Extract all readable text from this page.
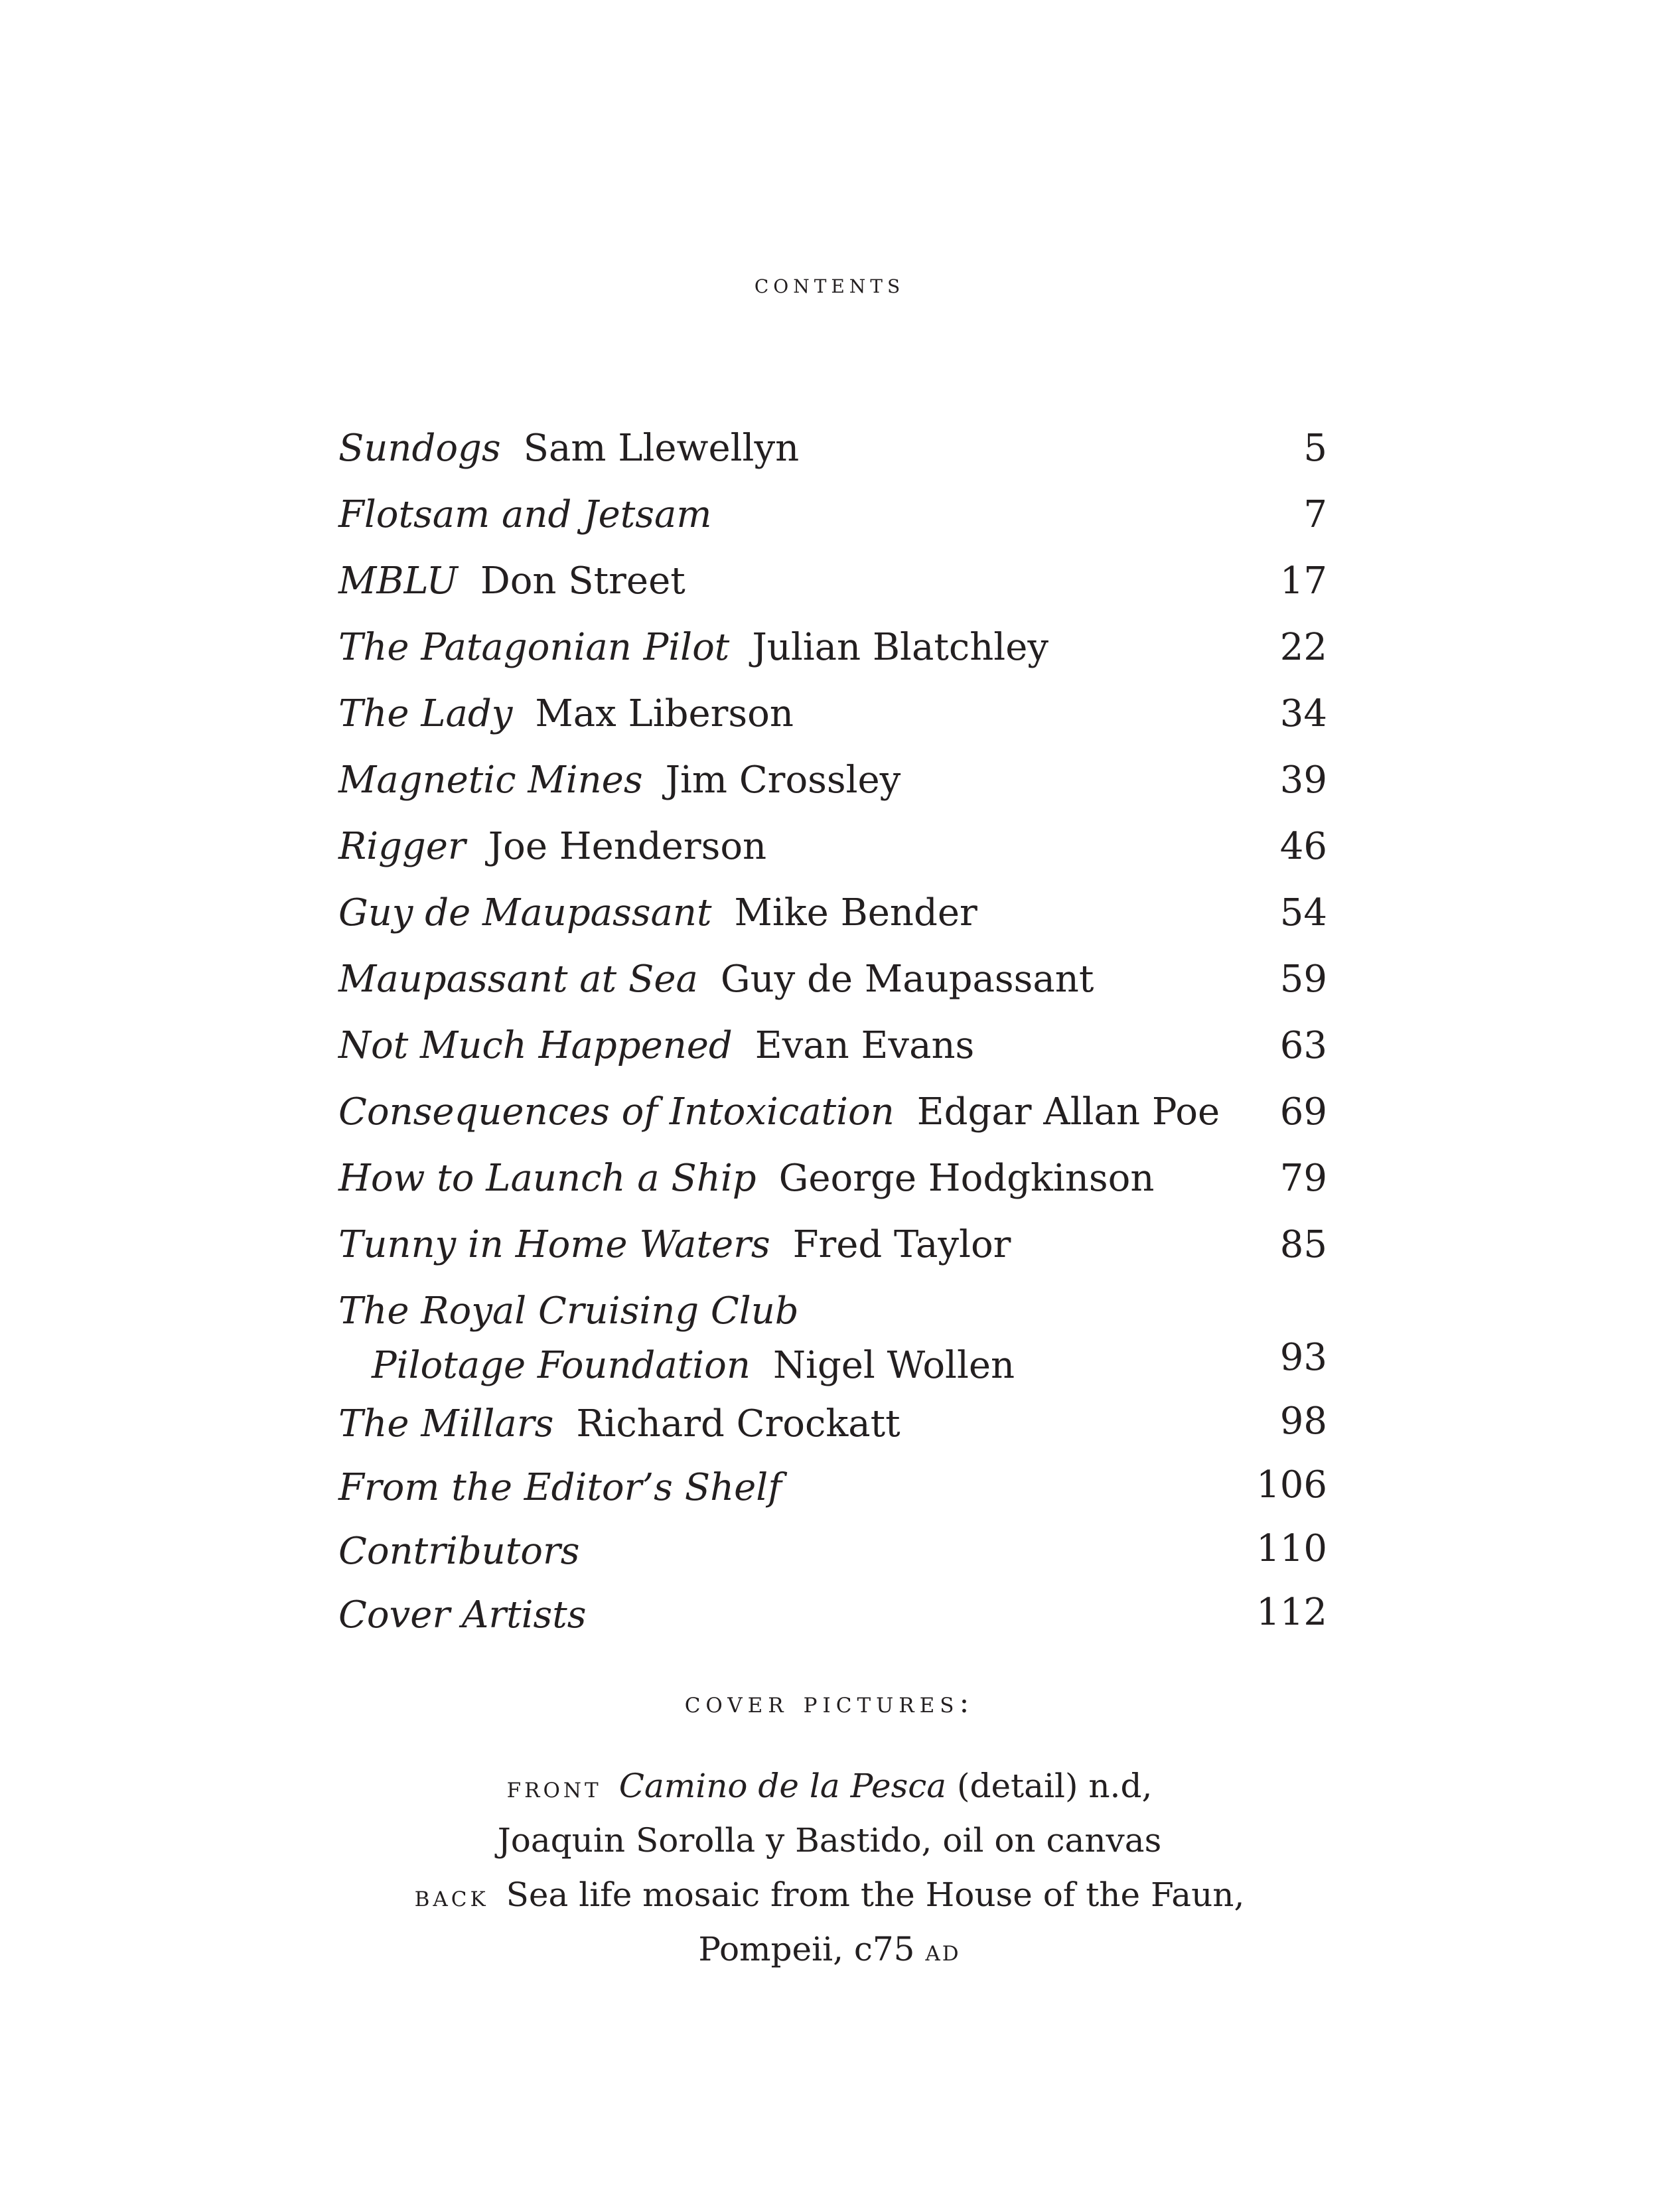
contents
Sundogs Sam Llewellyn	5
Flotsam and Jetsam	7
MBLU Don Street	17
The Patagonian Pilot Julian Blatchley	22
The Lady Max Liberson	34
Magnetic Mines Jim Crossley	39
Rigger Joe Henderson	46
Guy de Maupassant Mike Bender	54
Maupassant at Sea Guy de Maupassant	59
Not Much Happened Evan Evans	63
Consequences of Intoxication Edgar Allan Poe 69
How to Launch a Ship George Hodgkinson	79
Tunny in Home Waters Fred Taylor	85
The Royal Cruising Club
Pilotage Foundation Nigel Wollen	93
The Millars Richard Crockatt	98
From the Editor’s Shelf	106
Contributors	110
Cover Artists	112
cover pictures:
front Camino de la Pesca (detail) n.d,
Joaquin Sorolla y Bastido, oil on canvas
back Sea life mosaic from the House of the Faun,
Pompeii, c75 ad
